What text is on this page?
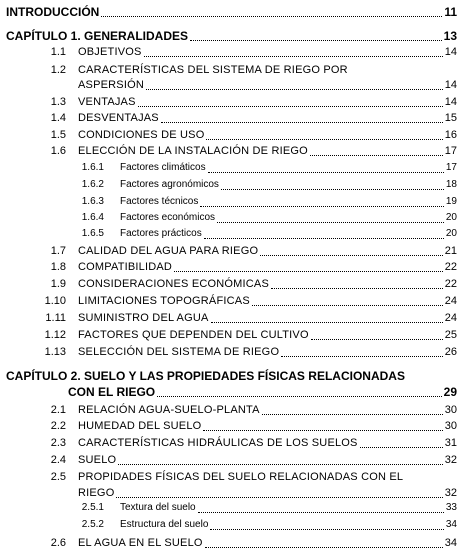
INTRODUCCIÓN	11
CAPÍTULO 1. GENERALIDADES	13
1.1 OBJETIVOS	14
1.2 CARACTERÍSTICAS DEL SISTEMA DE RIEGO POR
ASPERSIÓN	14
1.3 VENTAJAS	14
1.4 DESVENTAJAS	15
1.5 CONDICIONES DE USO	16
1.6 ELECCIÓN DE LA INSTALACIÓN DE RIEGO	17
1.6.1 Factores climáticos	17
1.6.2 Factores agronómicos	18
1.6.3 Factores técnicos	19
1.6.4 Factores económicos	20
1.6.5 Factores prácticos	20
1.7 CALIDAD DEL AGUA PARA RIEGO	21
1.8 COMPATIBILIDAD	22
1.9 CONSIDERACIONES ECONÓMICAS	22
1.10 LIMITACIONES TOPOGRÁFICAS	24
1.11 SUMINISTRO DEL AGUA	24
1.12 FACTORES QUE DEPENDEN DEL CULTIVO	25
1.13 SELECCIÓN DEL SISTEMA DE RIEGO	26
CAPÍTULO 2. SUELO Y LAS PROPIEDADES FÍSICAS RELACIONADAS
CON EL RIEGO	29
2.1 RELACIÓN AGUA-SUELO-PLANTA	30
2.2 HUMEDAD DEL SUELO	30
2.3 CARACTERÍSTICAS HIDRÁULICAS DE LOS SUELOS	31
2.4 SUELO	32
2.5 PROPIDADES FÍSICAS DEL SUELO RELACIONADAS CON EL
RIEGO	32
2.5.1 Textura del suelo	33
2.5.2 Estructura del suelo	34
2.6 EL AGUA EN EL SUELO	34
